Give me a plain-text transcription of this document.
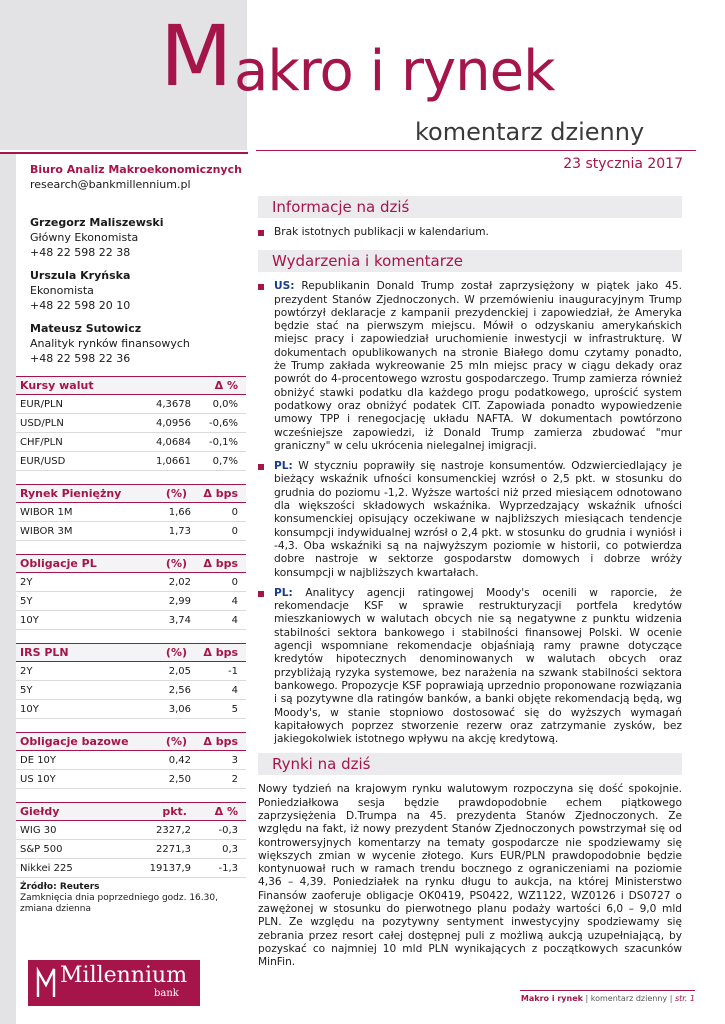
M akro i rynek
komentarz dzienny
23 stycznia 2017
Biuro Analiz Makroekonomicznych
research@bankmillennium.pl
Grzegorz Maliszewski
Główny Ekonomista
+48 22 598 22 38
Urszula Kryńska
Ekonomista
+48 22 598 20 10
Mateusz Sutowicz
Analityk rynków finansowych
+48 22 598 22 36
Kursy walut	Δ %
EUR/PLN	4,3678	0,0%
USD/PLN	4,0956	-0,6%
CHF/PLN	4,0684	-0,1%
EUR/USD	1,0661	0,7%
Rynek Pieniężny	(%)	Δ bps
WIBOR 1M	1,66	0
WIBOR 3M	1,73	0
Obligacje PL	(%)	Δ bps
2Y	2,02	0
5Y	2,99	4
10Y	3,74	4
IRS PLN	(%)	Δ bps
2Y	2,05	-1
5Y	2,56	4
10Y	3,06	5
Obligacje bazowe	(%)	Δ bps
DE 10Y	0,42	3
US 10Y	2,50	2
Giełdy	pkt.	Δ %
WIG 30	2327,2	-0,3
S&P 500	2271,3	0,3
Nikkei 225	19137,9	-1,3
Źródło: Reuters
Zamknięcia dnia poprzedniego godz. 16.30, zmiana dzienna
Millennium
bank
Informacje na dziś
Brak istotnych publikacji w kalendarium.
Wydarzenia i komentarze
US: Republikanin Donald Trump został zaprzysiężony w piątek jako 45. prezydent Stanów Zjednoczonych. W przemówieniu inauguracyjnym Trump powtórzył deklaracje z kampanii prezydenckiej i zapowiedział, że Ameryka będzie stać na pierwszym miejscu. Mówił o odzyskaniu amerykańskich miejsc pracy i zapowiedział uruchomienie inwestycji w infrastrukturę. W dokumentach opublikowanych na stronie Białego domu czytamy ponadto, że Trump zakłada wykreowanie 25 mln miejsc pracy w ciągu dekady oraz powrót do 4-procentowego wzrostu gospodarczego. Trump zamierza również obniżyć stawki podatku dla każdego progu podatkowego, uprościć system podatkowy oraz obniżyć podatek CIT. Zapowiada ponadto wypowiedzenie umowy TPP i renegocjację układu NAFTA. W dokumentach powtórzono wcześniejsze zapowiedzi, iż Donald Trump zamierza zbudować "mur graniczny" w celu ukrócenia nielegalnej imigracji.
PL: W styczniu poprawiły się nastroje konsumentów. Odzwierciedlający je bieżący wskaźnik ufności konsumenckiej wzrósł o 2,5 pkt. w stosunku do grudnia do poziomu -1,2. Wyższe wartości niż przed miesiącem odnotowano dla większości składowych wskaźnika. Wyprzedzający wskaźnik ufności konsumenckiej opisujący oczekiwane w najbliższych miesiącach tendencje konsumpcji indywidualnej wzrósł o 2,4 pkt. w stosunku do grudnia i wyniósł i -4,3. Oba wskaźniki są na najwyższym poziomie w historii, co potwierdza dobre nastroje w sektorze gospodarstw domowych i dobrze wróży konsumpcji w najbliższych kwartałach.
PL: Analitycy agencji ratingowej Moody's ocenili w raporcie, że rekomendacje KSF w sprawie restrukturyzacji portfela kredytów mieszkaniowych w walutach obcych nie są negatywne z punktu widzenia stabilności sektora bankowego i stabilności finansowej Polski. W ocenie agencji wspomniane rekomendacje objaśniają ramy prawne dotyczące kredytów hipotecznych denominowanych w walutach obcych oraz przybliżają ryzyka systemowe, bez narażenia na szwank stabilności sektora bankowego. Propozycje KSF poprawiają uprzednio proponowane rozwiązania i są pozytywne dla ratingów banków, a banki objęte rekomendacją będą, wg Moody's, w stanie stopniowo dostosować się do wyższych wymagań kapitałowych poprzez stworzenie rezerw oraz zatrzymanie zysków, bez jakiegokolwiek istotnego wpływu na akcję kredytową.
Rynki na dziś
Nowy tydzień na krajowym rynku walutowym rozpoczyna się dość spokojnie. Poniedziałkowa sesja będzie prawdopodobnie echem piątkowego zaprzysiężenia D.Trumpa na 45. prezydenta Stanów Zjednoczonych. Ze względu na fakt, iż nowy prezydent Stanów Zjednoczonych powstrzymał się od kontrowersyjnych komentarzy na tematy gospodarcze nie spodziewamy się większych zmian w wycenie złotego. Kurs EUR/PLN prawdopodobnie będzie kontynuował ruch w ramach trendu bocznego z ograniczeniami na poziomie 4,36 – 4,39. Poniedziałek na rynku długu to aukcja, na której Ministerstwo Finansów zaoferuje obligacje OK0419, PS0422, WZ1122, WZ0126 i DS0727 o zawężonej w stosunku do pierwotnego planu podaży wartości 6,0 – 9,0 mld PLN. Ze względu na pozytywny sentyment inwestycyjny spodziewamy się zebrania przez resort całej dostępnej puli z możliwą aukcją uzupełniającą, by pozyskać co najmniej 10 mld PLN wynikających z początkowych szacunków MinFin.
Makro i rynek | komentarz dzienny | str. 1
